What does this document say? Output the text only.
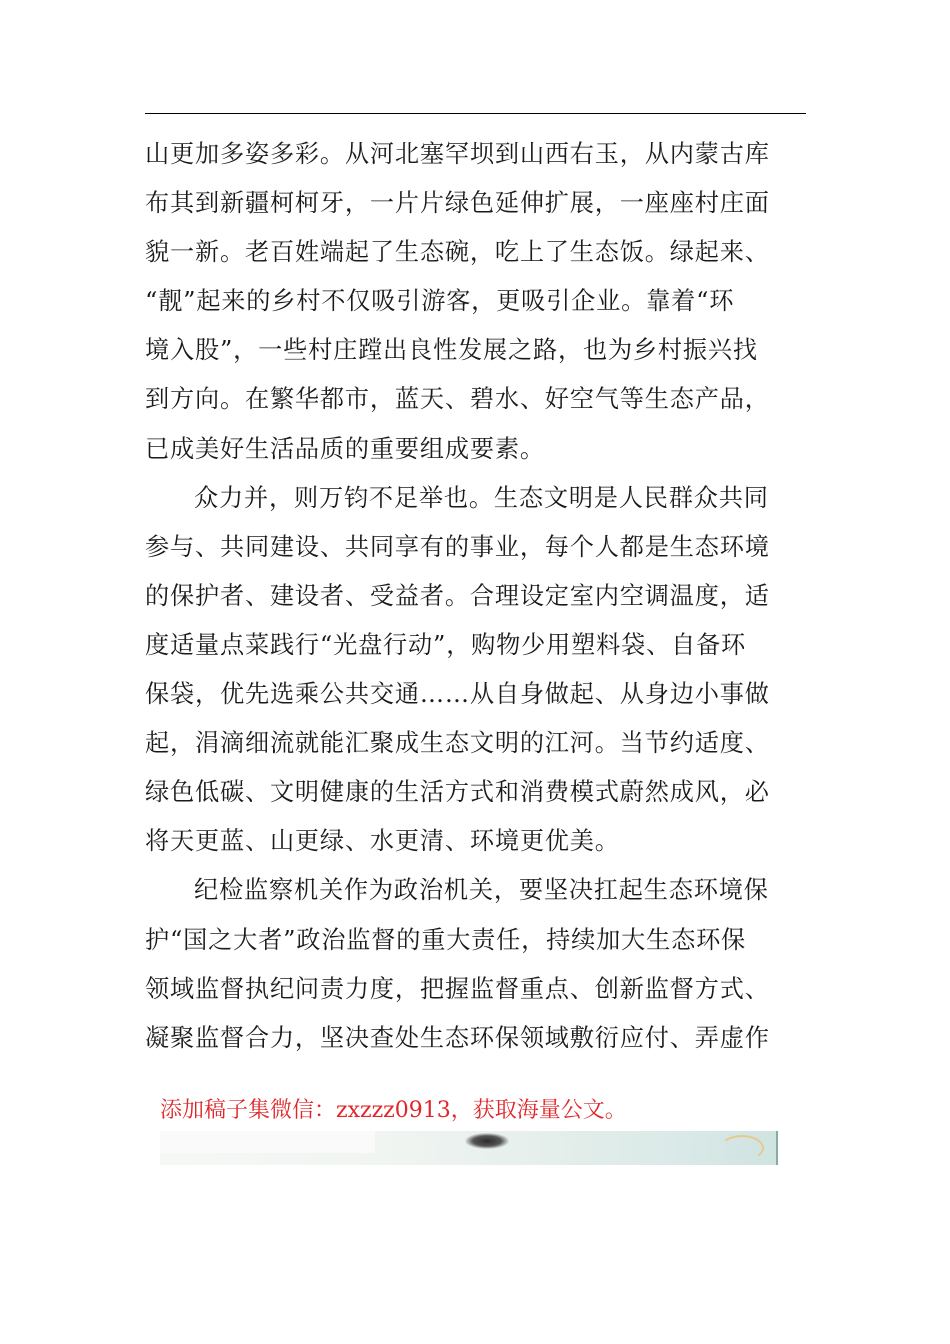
山更加多姿多彩。从河北塞罕坝到山西右玉，从内蒙古库
布其到新疆柯柯牙，一片片绿色延伸扩展，一座座村庄面
貌一新。老百姓端起了生态碗，吃上了生态饭。绿起来、
“靓”起来的乡村不仅吸引游客，更吸引企业。靠着“环
境入股”，一些村庄蹚出良性发展之路，也为乡村振兴找
到方向。在繁华都市，蓝天、碧水、好空气等生态产品，
已成美好生活品质的重要组成要素。
众力并，则万钧不足举也。生态文明是人民群众共同
参与、共同建设、共同享有的事业，每个人都是生态环境
的保护者、建设者、受益者。合理设定室内空调温度，适
度适量点菜践行“光盘行动”，购物少用塑料袋、自备环
保袋，优先选乘公共交通……从自身做起、从身边小事做
起，涓滴细流就能汇聚成生态文明的江河。当节约适度、
绿色低碳、文明健康的生活方式和消费模式蔚然成风，必
将天更蓝、山更绿、水更清、环境更优美。
纪检监察机关作为政治机关，要坚决扛起生态环境保
护“国之大者”政治监督的重大责任，持续加大生态环保
领域监督执纪问责力度，把握监督重点、创新监督方式、
凝聚监督合力，坚决查处生态环保领域敷衍应付、弄虚作
添加稿子集微信：zxzzz0913，获取海量公文。
